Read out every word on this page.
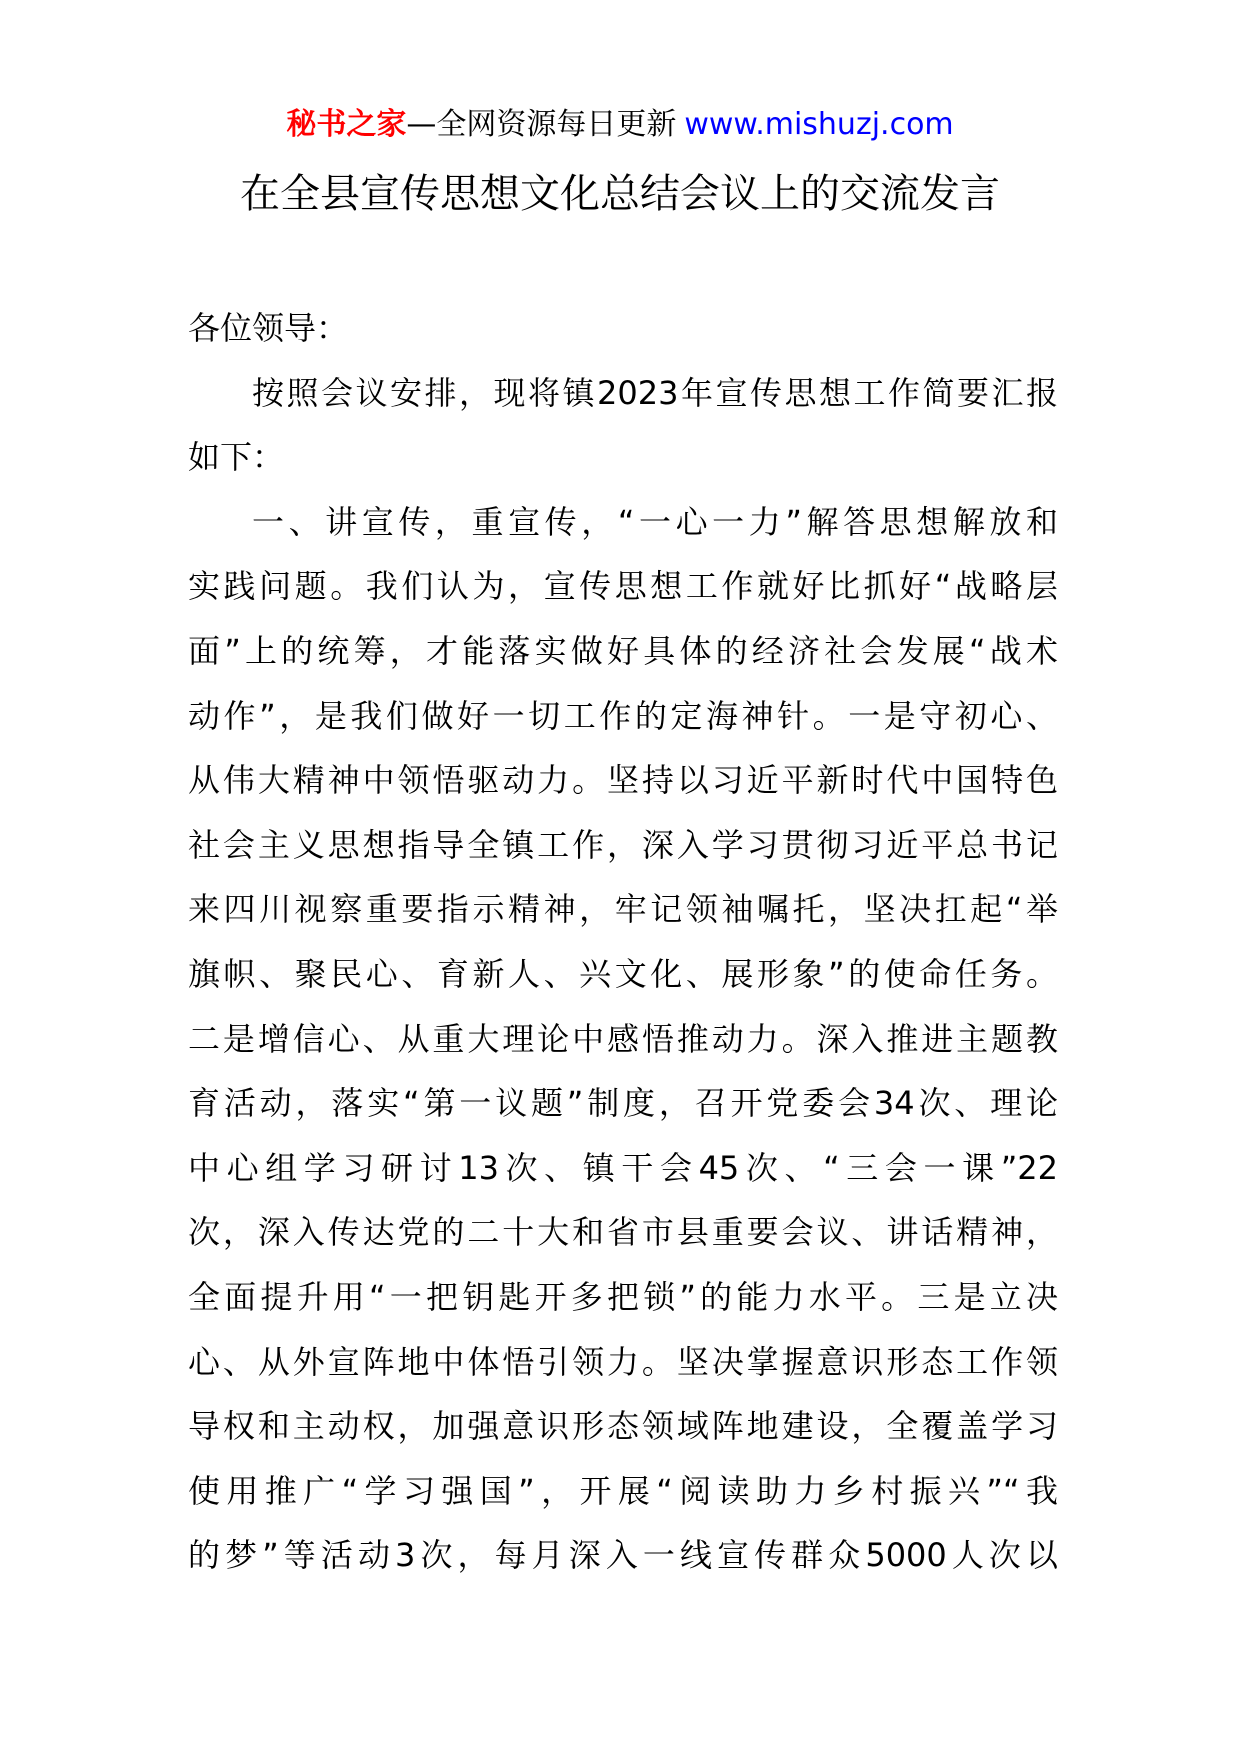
秘书之家—全网资源每日更新 www.mishuzj.com
在全县宣传思想文化总结会议上的交流发言
各位领导：
按照会议安排，现将镇2023年宣传思想工作简要汇报
如下：
一、讲宣传，重宣传，“一心一力”解答思想解放和
实践问题。我们认为，宣传思想工作就好比抓好“战略层
面”上的统筹，才能落实做好具体的经济社会发展“战术
动作”，是我们做好一切工作的定海神针。一是守初心、
从伟大精神中领悟驱动力。坚持以习近平新时代中国特色
社会主义思想指导全镇工作，深入学习贯彻习近平总书记
来四川视察重要指示精神，牢记领袖嘱托，坚决扛起“举
旗帜、聚民心、育新人、兴文化、展形象”的使命任务。
二是增信心、从重大理论中感悟推动力。深入推进主题教
育活动，落实“第一议题”制度，召开党委会34次、理论
中心组学习研讨13次、镇干会45次、“三会一课”22
次，深入传达党的二十大和省市县重要会议、讲话精神，
全面提升用“一把钥匙开多把锁”的能力水平。三是立决
心、从外宣阵地中体悟引领力。坚决掌握意识形态工作领
导权和主动权，加强意识形态领域阵地建设，全覆盖学习
使用推广“学习强国”，开展“阅读助力乡村振兴”“我
的梦”等活动3次，每月深入一线宣传群众5000人次以
